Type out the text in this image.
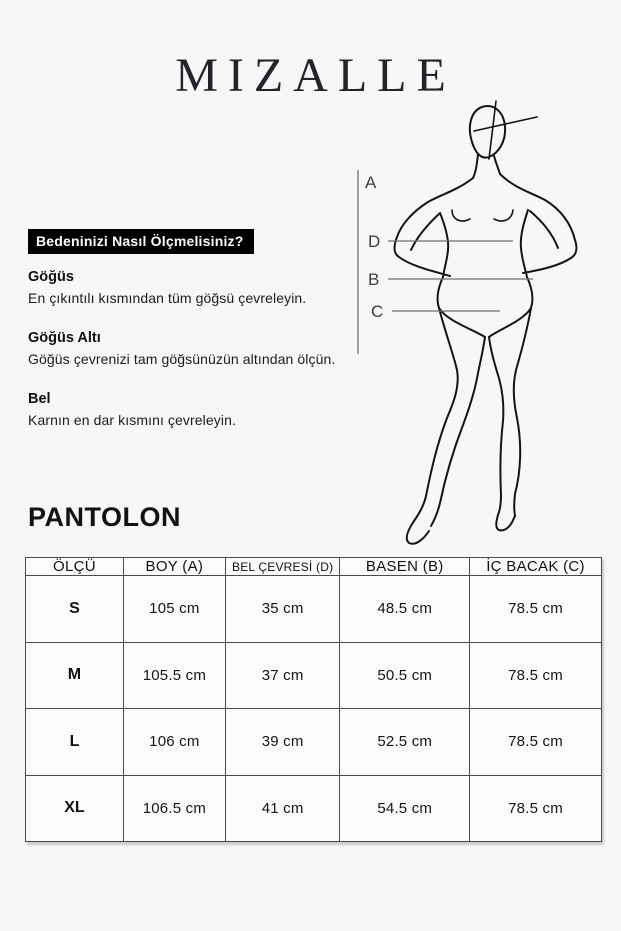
MIZALLE
A
D
B
C
Bedeninizi Nasıl Ölçmelisiniz?
Göğüs
En çıkıntılı kısmından tüm göğsü çevreleyin.
Göğüs Altı
Göğüs çevrenizi tam göğsünüzün altından ölçün.
Bel
Karnın en dar kısmını çevreleyin.
PANTOLON
ÖLÇÜ	BOY (A)	BEL ÇEVRESİ (D)	BASEN (B)	İÇ BACAK (C)
S	105 cm	35 cm	48.5 cm	78.5 cm
M	105.5 cm	37 cm	50.5 cm	78.5 cm
L	106 cm	39 cm	52.5 cm	78.5 cm
XL	106.5 cm	41 cm	54.5 cm	78.5 cm
